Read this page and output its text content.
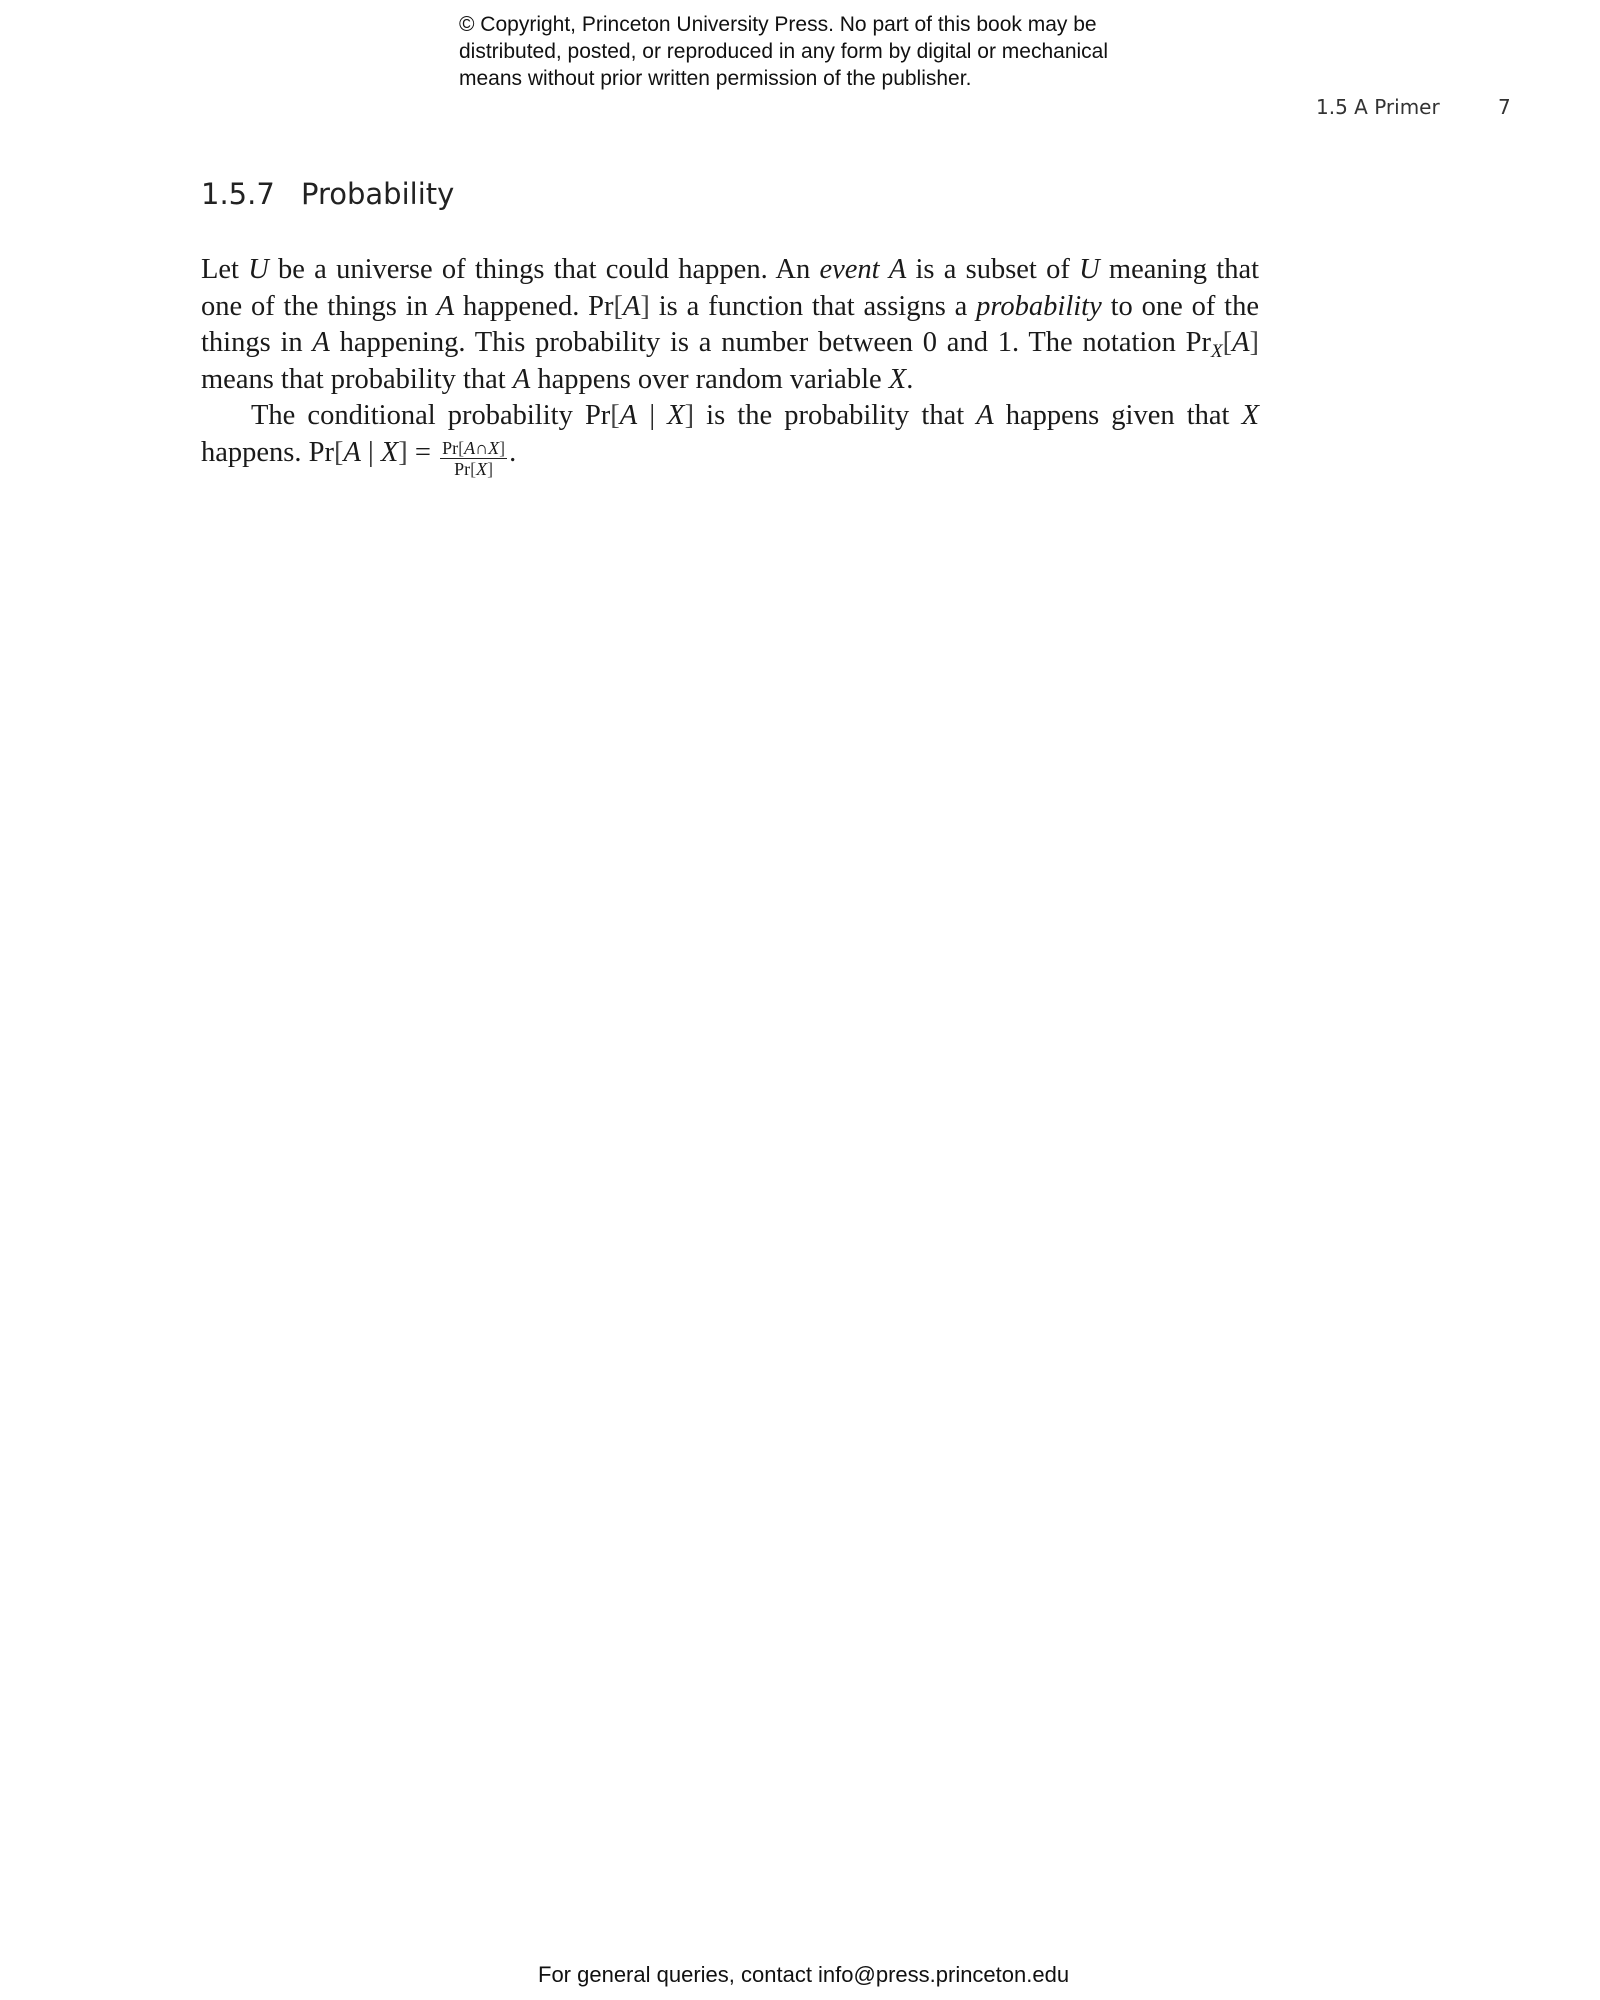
© Copyright, Princeton University Press. No part of this book may be
distributed, posted, or reproduced in any form by digital or mechanical
means without prior written permission of the publisher.
1.5 A Primer	7
1.5.7 Probability
Let U be a universe of things that could happen. An event A is a subset of U meaning that
one of the things in A happened. Pr[A] is a function that assigns a probability to one of the
things in A happening. This probability is a number between 0 and 1. The notation $Pr_X[A]$
means that probability that A happens over random variable X.
The conditional probability Pr[A | X] is the probability that A happens given that X
happens. Pr[A | $X] = \frac{Pr[A\cap X]}{Pr[X]}$ .
For general queries, contact info@press.princeton.edu
